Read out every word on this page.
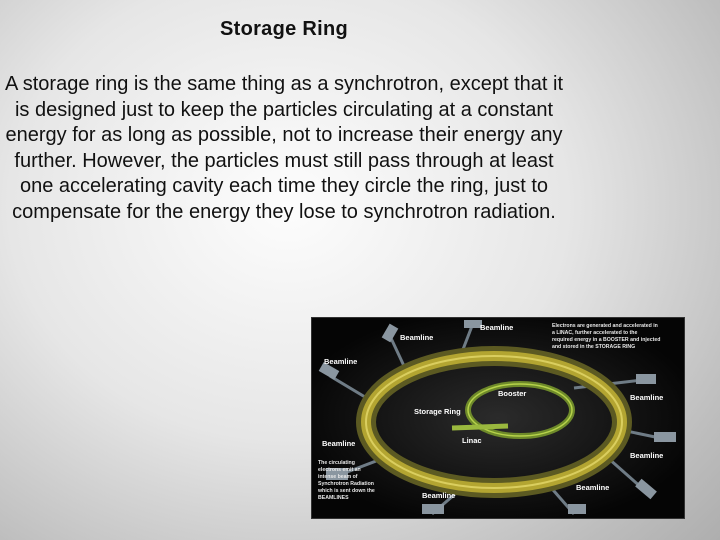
Storage Ring
A storage ring is the same thing as a synchrotron, except that it is designed just to keep the particles circulating at a constant energy for as long as possible, not to increase their energy any further. However, the particles must still pass through at least one accelerating cavity each time they circle the ring, just to compensate for the energy they lose to synchrotron radiation.
Beamline
Beamline
Beamline
Beamline
Beamline
Beamline
Beamline
Beamline
Storage Ring
Booster
Linac
Electrons are generated and accelerated in
a LINAC, further accelerated to the
required energy in a BOOSTER and injected
and stored in the STORAGE RING
The circulating
electrons emit an
intense beam of
Synchrotron Radiation
which is sent down the
BEAMLINES
